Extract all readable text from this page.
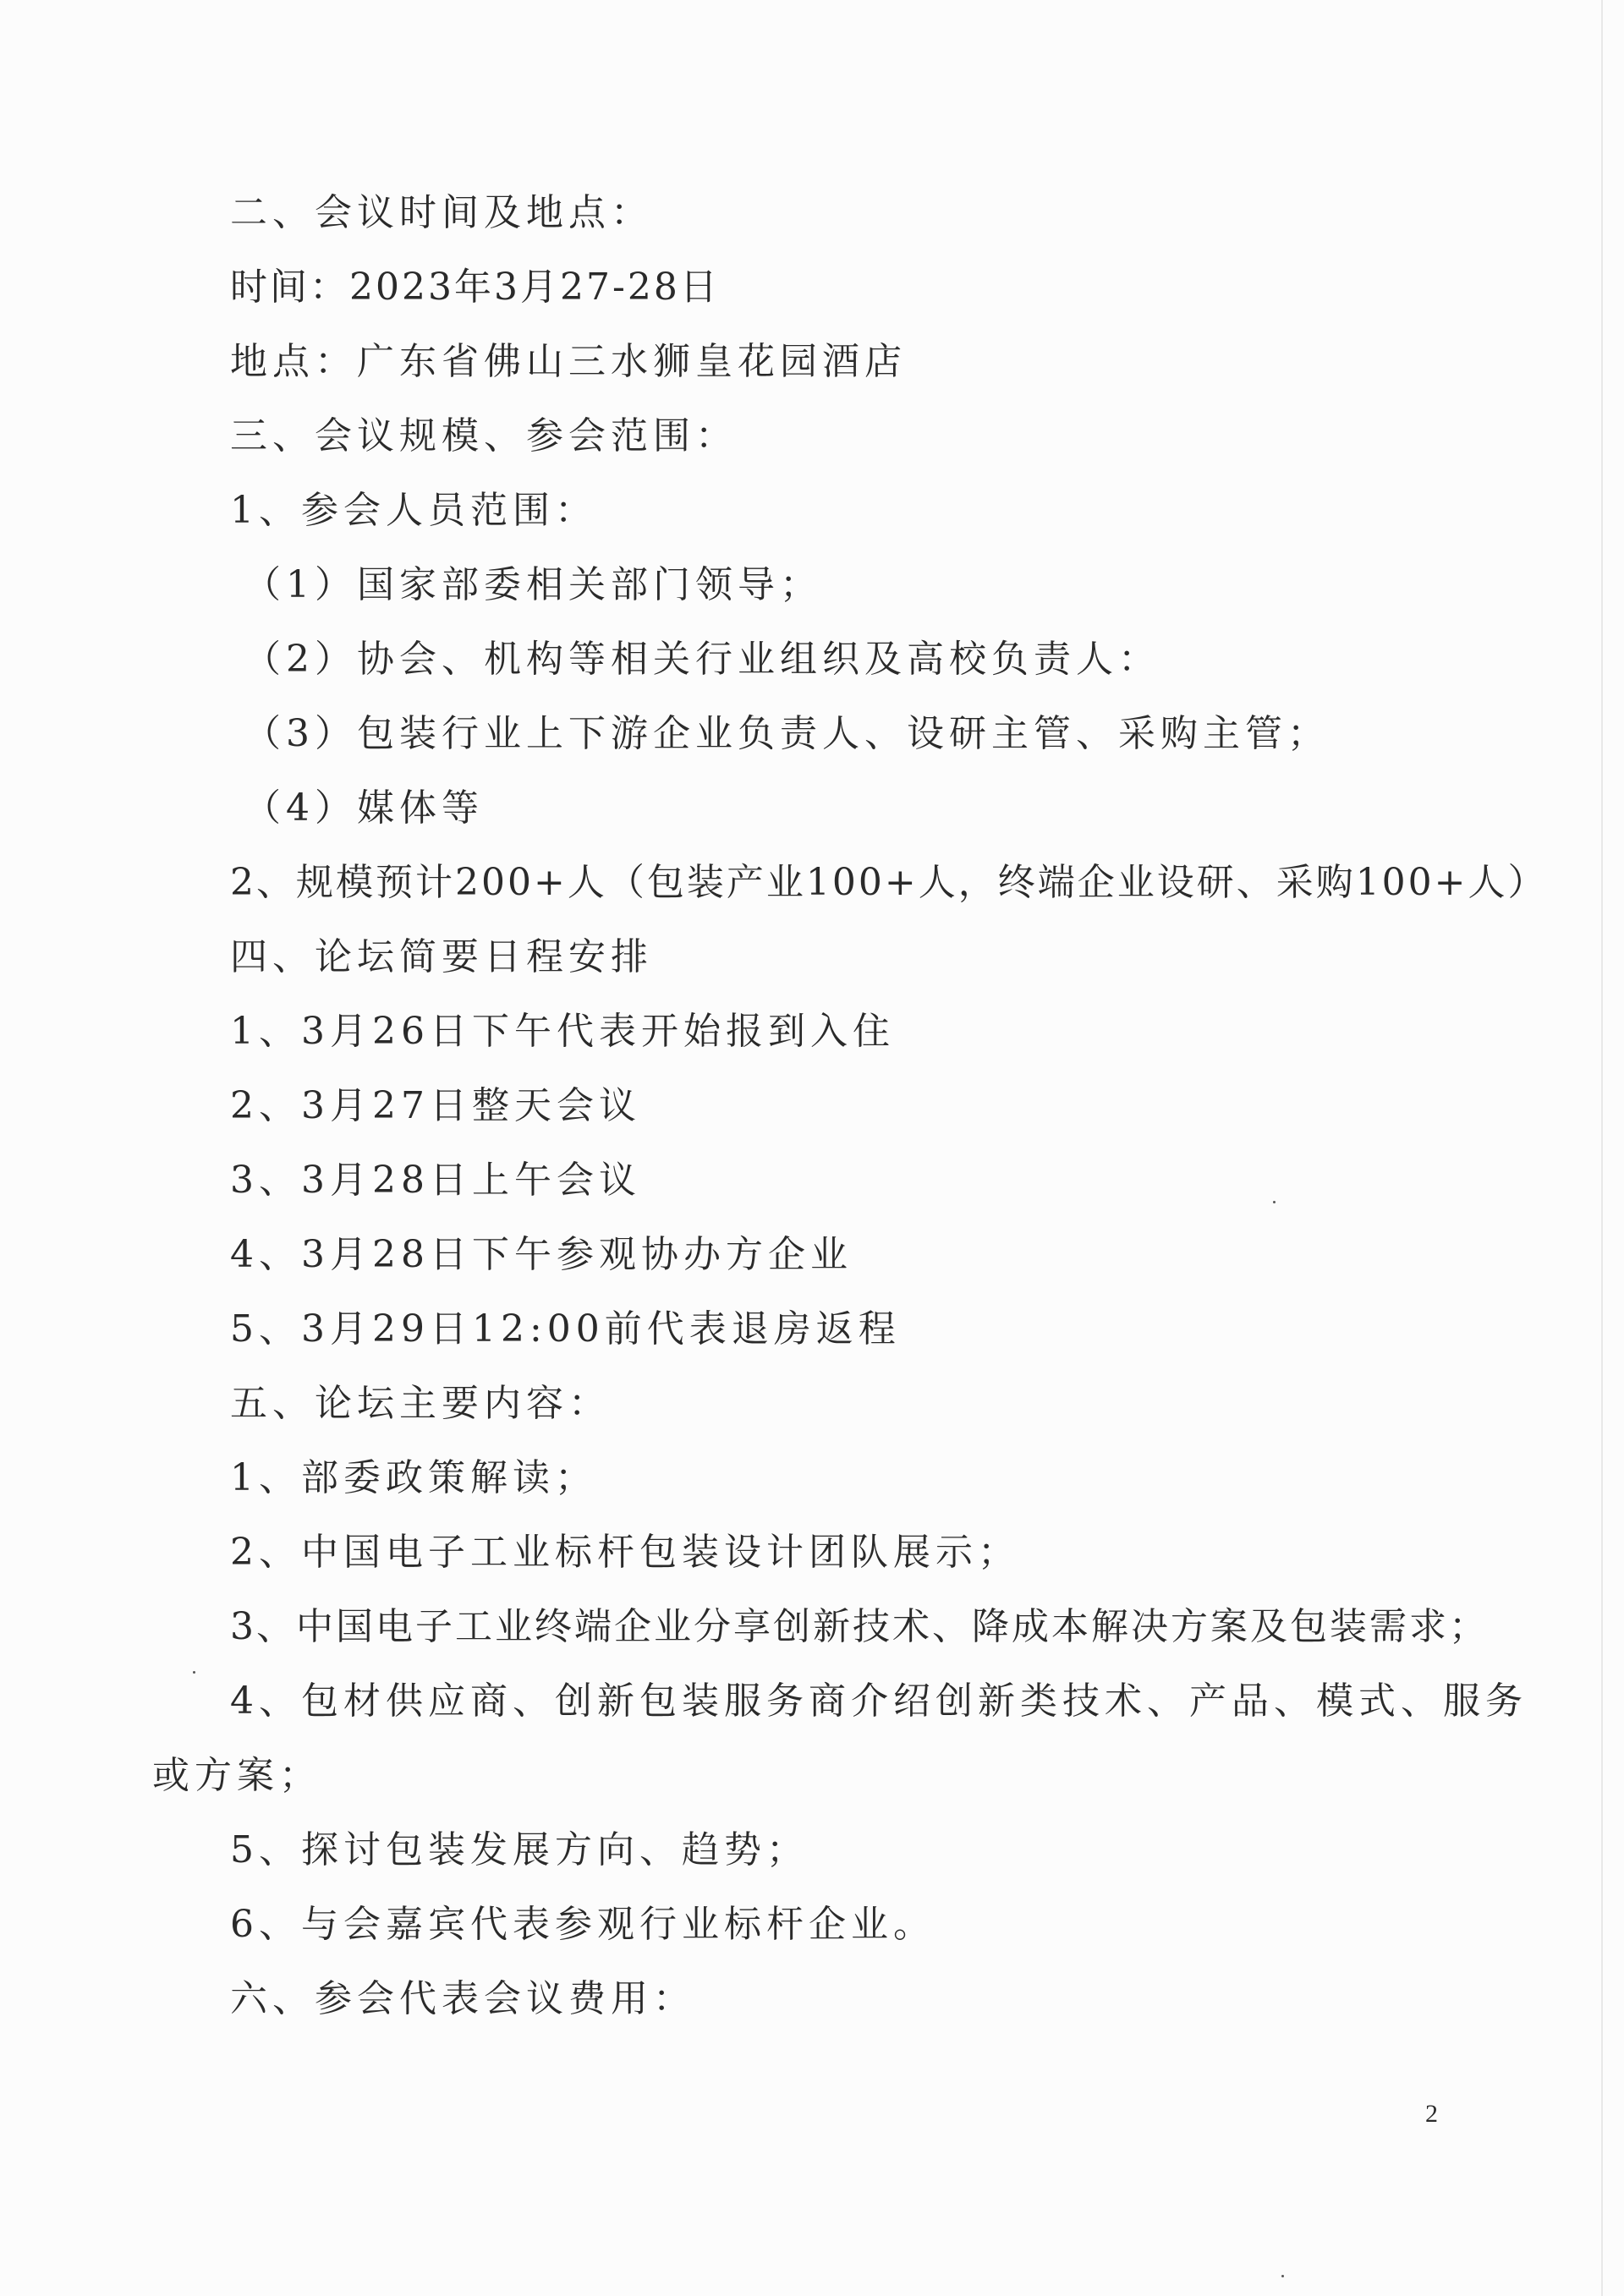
二、会议时间及地点：
时间：2023年3月27-28日
地点：广东省佛山三水狮皇花园酒店
三、会议规模、参会范围：
1、参会人员范围：
（1）国家部委相关部门领导；
（2）协会、机构等相关行业组织及高校负责人：
（3）包装行业上下游企业负责人、设研主管、采购主管；
（4）媒体等
2、规模预计200+人（包装产业100+人，终端企业设研、采购100+人）
四、论坛简要日程安排
1、3月26日下午代表开始报到入住
2、3月27日整天会议
3、3月28日上午会议
4、3月28日下午参观协办方企业
5、3月29日12:00前代表退房返程
五、论坛主要内容：
1、部委政策解读；
2、中国电子工业标杆包装设计团队展示；
3、中国电子工业终端企业分享创新技术、降成本解决方案及包装需求；
4、包材供应商、创新包装服务商介绍创新类技术、产品、模式、服务
或方案；
5、探讨包装发展方向、趋势；
6、与会嘉宾代表参观行业标杆企业。
六、参会代表会议费用：
2
